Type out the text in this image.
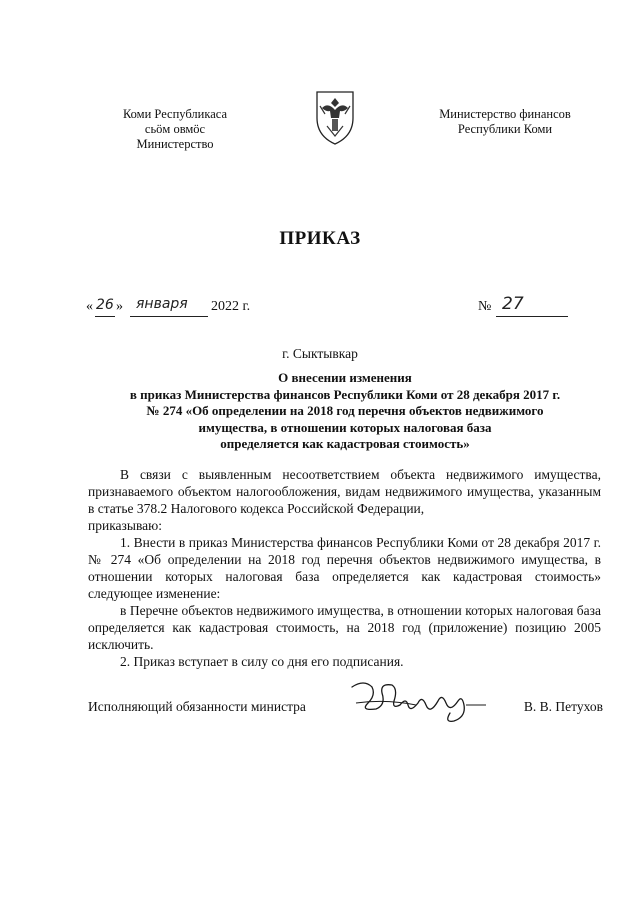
Коми Республикаса
сьӧм овмӧс
Министерство
Министерство финансов
Республики Коми
ПРИКАЗ
« 26 » января 2022 г.	№ 27
г. Сыктывкар
О внесении изменения
в приказ Министерства финансов Республики Коми от 28 декабря 2017 г.
№ 274 «Об определении на 2018 год перечня объектов недвижимого
имущества, в отношении которых налоговая база
определяется как кадастровая стоимость»

В связи с выявленным несоответствием объекта недвижимого имущества, признаваемого объектом налогообложения, видам недвижимого имущества, указанным в статье 378.2 Налогового кодекса Российской Федерации,

приказываю:

1. Внести в приказ Министерства финансов Республики Коми от 28 декабря 2017 г. № 274 «Об определении на 2018 год перечня объектов недвижимого имущества, в отношении которых налоговая база определяется как кадастровая стоимость» следующее изменение:

в Перечне объектов недвижимого имущества, в отношении которых налоговая база определяется как кадастровая стоимость, на 2018 год (приложение) позицию 2005 исключить.

2. Приказ вступает в силу со дня его подписания.

Исполняющий обязанности министра	В. В. Петухов
